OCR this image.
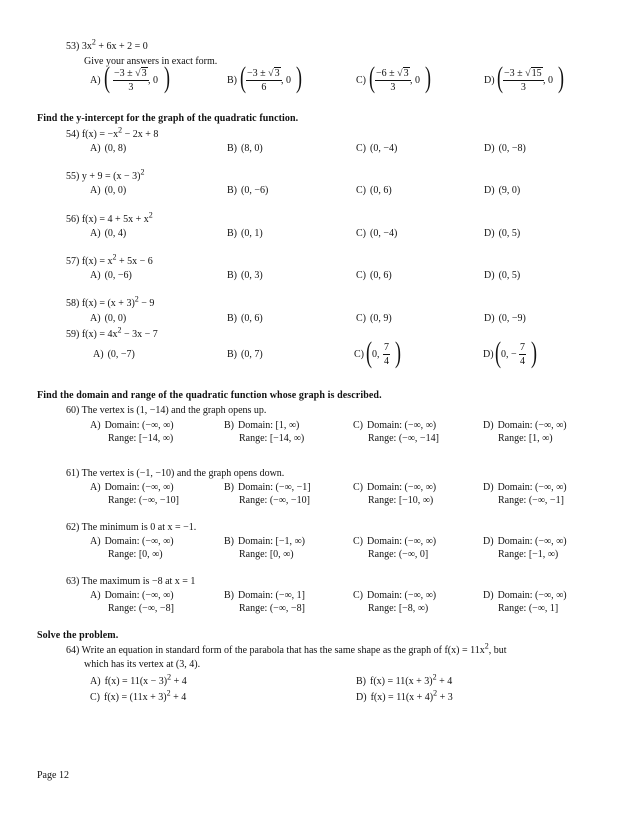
53) $3x^2 + 6x + 2 = 0$
Give your answers in exact form.
A) ( $\frac{-3 \pm √3}{3}$ , 0 )	B) ( $\frac{-3 \pm √3}{6}$ , 0 )	C) ( $\frac{-6 \pm √3}{3}$ , 0 )	D) ( $\frac{-3 \pm √15}{3}$ , 0 )
Find the y-intercept for the graph of the quadratic function.
54) $f(x) = -x^2 - 2x + 8$
A) (0, 8)	B) (8, 0)	C) (0, −4)	D) (0, −8)
55) $y + 9 = (x - 3)^2$
A) (0, 0)	B) (0, −6)	C) (0, 6)	D) (9, 0)
56) $f(x) = 4 + 5x + x^2$
A) (0, 4)	B) (0, 1)	C) (0, −4)	D) (0, 5)
57) $f(x) = x^2 + 5x - 6$
A) (0, −6)	B) (0, 3)	C) (0, 6)	D) (0, 5)
58) $f(x) = (x + 3)^2 - 9$
A) (0, 0)	B) (0, 6)	C) (0, 9)	D) (0, −9)
59) $f(x) = 4x^2 - 3x - 7$
A) (0, −7)	B) (0, 7)	C) ( 0, $\frac{7}{4}$ )	D) ( 0, − $\frac{7}{4}$ )
Find the domain and range of the quadratic function whose graph is described.
60) The vertex is (1, −14) and the graph opens up.
A) Domain: (−∞, ∞)
Range: [−14, ∞)
B) Domain: [1, ∞)
Range: [−14, ∞)
C) Domain: (−∞, ∞)
Range: (−∞, −14]
D) Domain: (−∞, ∞)
Range: [1, ∞)
61) The vertex is (−1, −10) and the graph opens down.
A) Domain: (−∞, ∞)
Range: (−∞, −10]
B) Domain: (−∞, −1]
Range: (−∞, −10]
C) Domain: (−∞, ∞)
Range: [−10, ∞)
D) Domain: (−∞, ∞)
Range: (−∞, −1]
62) The minimum is 0 at x = −1.
A) Domain: (−∞, ∞)
Range: [0, ∞)
B) Domain: [−1, ∞)
Range: [0, ∞)
C) Domain: (−∞, ∞)
Range: (−∞, 0]
D) Domain: (−∞, ∞)
Range: [−1, ∞)
63) The maximum is −8 at x = 1
A) Domain: (−∞, ∞)
Range: (−∞, −8]
B) Domain: (−∞, 1]
Range: (−∞, −8]
C) Domain: (−∞, ∞)
Range: [−8, ∞)
D) Domain: (−∞, ∞)
Range: (−∞, 1]
Solve the problem.
64) Write an equation in standard form of the parabola that has the same shape as the graph of $f(x) = 11x^2$, but
which has its vertex at (3, 4).
A) $f(x) = 11(x - 3)^2 + 4$	B) $f(x) = 11(x + 3)^2 + 4$
C) $f(x) = (11x + 3)^2 + 4$	D) $f(x) = 11(x + 4)^2 + 3$
Page 12
